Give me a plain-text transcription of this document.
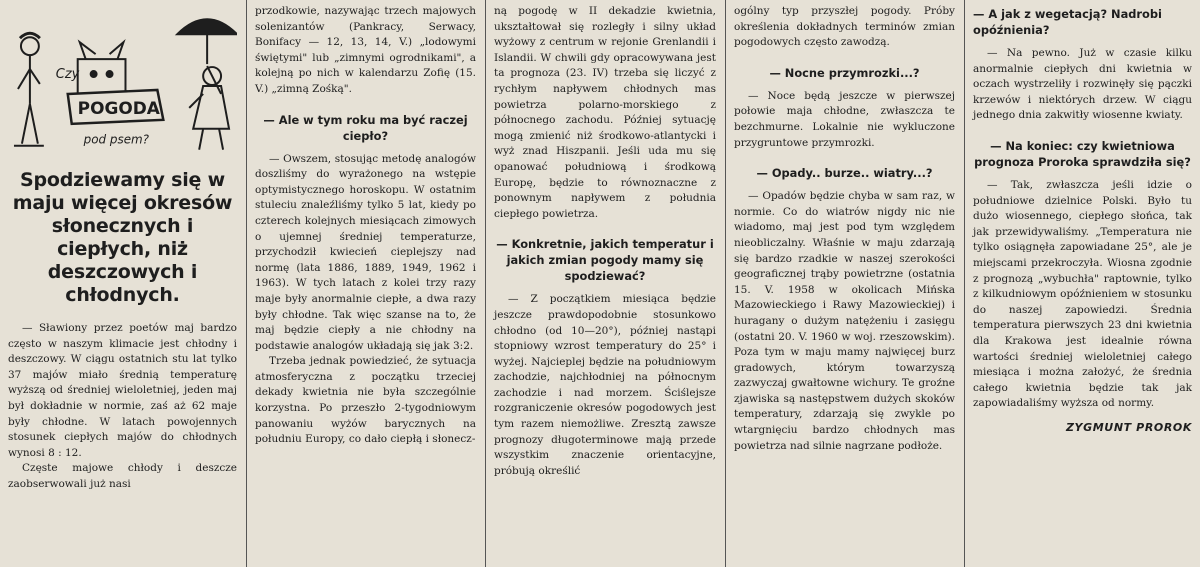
Czy
POGODA
pod psem?
Spodziewamy się w maju więcej okresów słonecznych i ciepłych, niż deszczowych i chłodnych.

— Sławiony przez poetów maj bardzo często w naszym klimacie jest chłodny i deszczowy. W ciągu ostatnich stu lat tylko 37 majów miało średnią temperaturę wyższą od średniej wieloletniej, jeden maj był dokładnie w normie, zaś aż 62 maje były chłodne. W latach powojennych stosunek ciepłych majów do chłodnych wynosi 8 : 12.

Częste majowe chłody i deszcze zaobserwowali już nasi

przodkowie, nazywając trzech majowych solenizantów (Pankracy, Serwacy, Bonifacy — 12, 13, 14, V.) „lodowymi świętymi" lub „zimnymi ogrodnikami", a kolejną po nich w kalendarzu Zofię (15. V.) „zimną Zośką".

— Ale w tym roku ma być raczej ciepło?

— Owszem, stosując metodę analogów doszliśmy do wyrażonego na wstępie optymistycznego horoskopu. W ostatnim stuleciu znaleźliśmy tylko 5 lat, kiedy po czterech kolejnych miesiącach zimowych o ujemnej średniej temperaturze, przychodził kwiecień cieplejszy nad normę (lata 1886, 1889, 1949, 1962 i 1963). W tych latach z kolei trzy razy maje były anormalnie ciepłe, a dwa razy były chłodne. Tak więc szanse na to, że maj będzie ciepły a nie chłodny na podstawie analogów układają się jak 3:2.

Trzeba jednak powiedzieć, że sytuacja atmosferyczna z początku trzeciej dekady kwietnia nie była szczególnie korzystna. Po przeszło 2-tygodniowym panowaniu wyżów barycznych na południu Europy, co dało ciepłą i słonecz-

ną pogodę w II dekadzie kwietnia, ukształtował się rozległy i silny układ wyżowy z centrum w rejonie Grenlandii i Islandii. W chwili gdy opracowywana jest ta prognoza (23. IV) trzeba się liczyć z rychłym napływem chłodnych mas powietrza polarno-morskiego z północnego zachodu. Później sytuację mogą zmienić niż środkowo-atlantycki i wyż znad Hiszpanii. Jeśli uda mu się opanować południową i środkową Europę, będzie to równoznaczne z ponownym napływem z południa ciepłego powietrza.

— Konkretnie, jakich temperatur i jakich zmian pogody mamy się spodziewać?

— Z początkiem miesiąca będzie jeszcze prawdopodobnie stosunkowo chłodno (od 10—20°), później nastąpi stopniowy wzrost temperatury do 25° i wyżej. Najcieplej będzie na południowym zachodzie, najchłodniej na północnym zachodzie i nad morzem. Ściślejsze rozgraniczenie okresów pogodowych jest tym razem niemożliwe. Zresztą zawsze prognozy długoterminowe mają przede wszystkim znaczenie orientacyjne, próbują określić

ogólny typ przyszłej pogody. Próby określenia dokładnych terminów zmian pogodowych często zawodzą.

— Nocne przymrozki...?

— Noce będą jeszcze w pierwszej połowie maja chłodne, zwłaszcza te bezchmurne. Lokalnie nie wykluczone przygruntowe przymrozki.

— Opady.. burze.. wiatry...?

— Opadów będzie chyba w sam raz, w normie. Co do wiatrów nigdy nic nie wiadomo, maj jest pod tym względem nieobliczalny. Właśnie w maju zdarzają się bardzo rzadkie w naszej szerokości geograficznej trąby powietrzne (ostatnia 15. V. 1958 w okolicach Mińska Mazowieckiego i Rawy Mazowieckiej) i huragany o dużym natężeniu i zasięgu (ostatni 20. V. 1960 w woj. rzeszowskim). Poza tym w maju mamy najwięcej burz gradowych, którym towarzyszą zazwyczaj gwałtowne wichury. Te groźne zjawiska są następstwem dużych skoków temperatury, zdarzają się zwykle po wtargnięciu bardzo chłodnych mas powietrza nad silnie nagrzane podłoże.

— A jak z wegetacją? Nadrobi opóźnienia?

— Na pewno. Już w czasie kilku anormalnie ciepłych dni kwietnia w oczach wystrzeliły i rozwinęły się pączki krzewów i niektórych drzew. W ciągu jednego dnia zakwitły wiosenne kwiaty.

— Na koniec: czy kwietniowa prognoza Proroka sprawdziła się?

— Tak, zwłaszcza jeśli idzie o południowe dzielnice Polski. Było tu dużo wiosennego, ciepłego słońca, tak jak przewidywaliśmy. „Temperatura nie tylko osiągnęła zapowiadane 25°, ale je miejscami przekroczyła. Wiosna zgodnie z prognozą „wybuchła" raptownie, tylko z kilkudniowym opóźnieniem w stosunku do naszej zapowiedzi. Średnia temperatura pierwszych 23 dni kwietnia dla Krakowa jest idealnie równa wartości średniej wieloletniej całego miesiąca i można założyć, że średnia całego kwietnia będzie tak jak zapowiadaliśmy wyższa od normy.

ZYGMUNT PROROK
